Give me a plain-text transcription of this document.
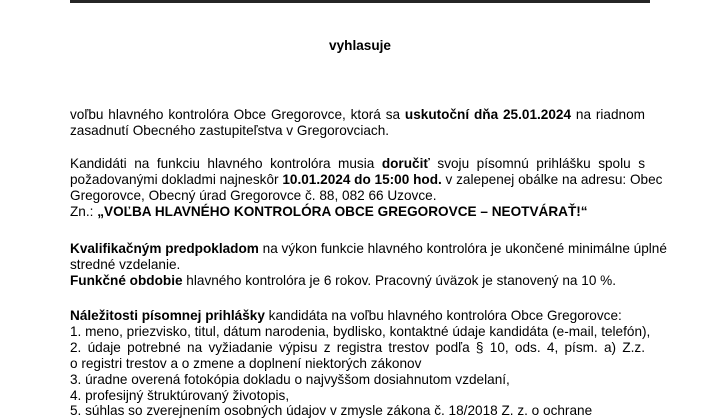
vyhlasuje
voľbu hlavného kontrolóra Obce Gregorovce, ktorá sa uskutoční dňa 25.01.2024 na riadnom
zasadnutí Obecného zastupiteľstva v Gregorovciach.
Kandidáti na funkciu hlavného kontrolóra musia doručiť svoju písomnú prihlášku spolu s
požadovanými dokladmi najneskôr 10.01.2024 do 15:00 hod. v zalepenej obálke na adresu: Obec
Gregorovce, Obecný úrad Gregorovce č. 88, 082 66 Uzovce.
Zn.: „VOĽBA HLAVNÉHO KONTROLÓRA OBCE GREGOROVCE – NEOTVÁRAŤ!“
Kvalifikačným predpokladom na výkon funkcie hlavného kontrolóra je ukončené minimálne úplné
stredné vzdelanie.
Funkčné obdobie hlavného kontrolóra je 6 rokov. Pracovný úväzok je stanovený na 10 %.
Náležitosti písomnej prihlášky kandidáta na voľbu hlavného kontrolóra Obce Gregorovce:
1. meno, priezvisko, titul, dátum narodenia, bydlisko, kontaktné údaje kandidáta (e-mail, telefón),
2. údaje potrebné na vyžiadanie výpisu z registra trestov podľa § 10, ods. 4, písm. a) Z.z.
o registri trestov a o zmene a doplnení niektorých zákonov
3. úradne overená fotokópia dokladu o najvyššom dosiahnutom vzdelaní,
4. profesijný štruktúrovaný životopis,
5. súhlas so zverejnením osobných údajov v zmysle zákona č. 18/2018 Z. z. o ochrane
